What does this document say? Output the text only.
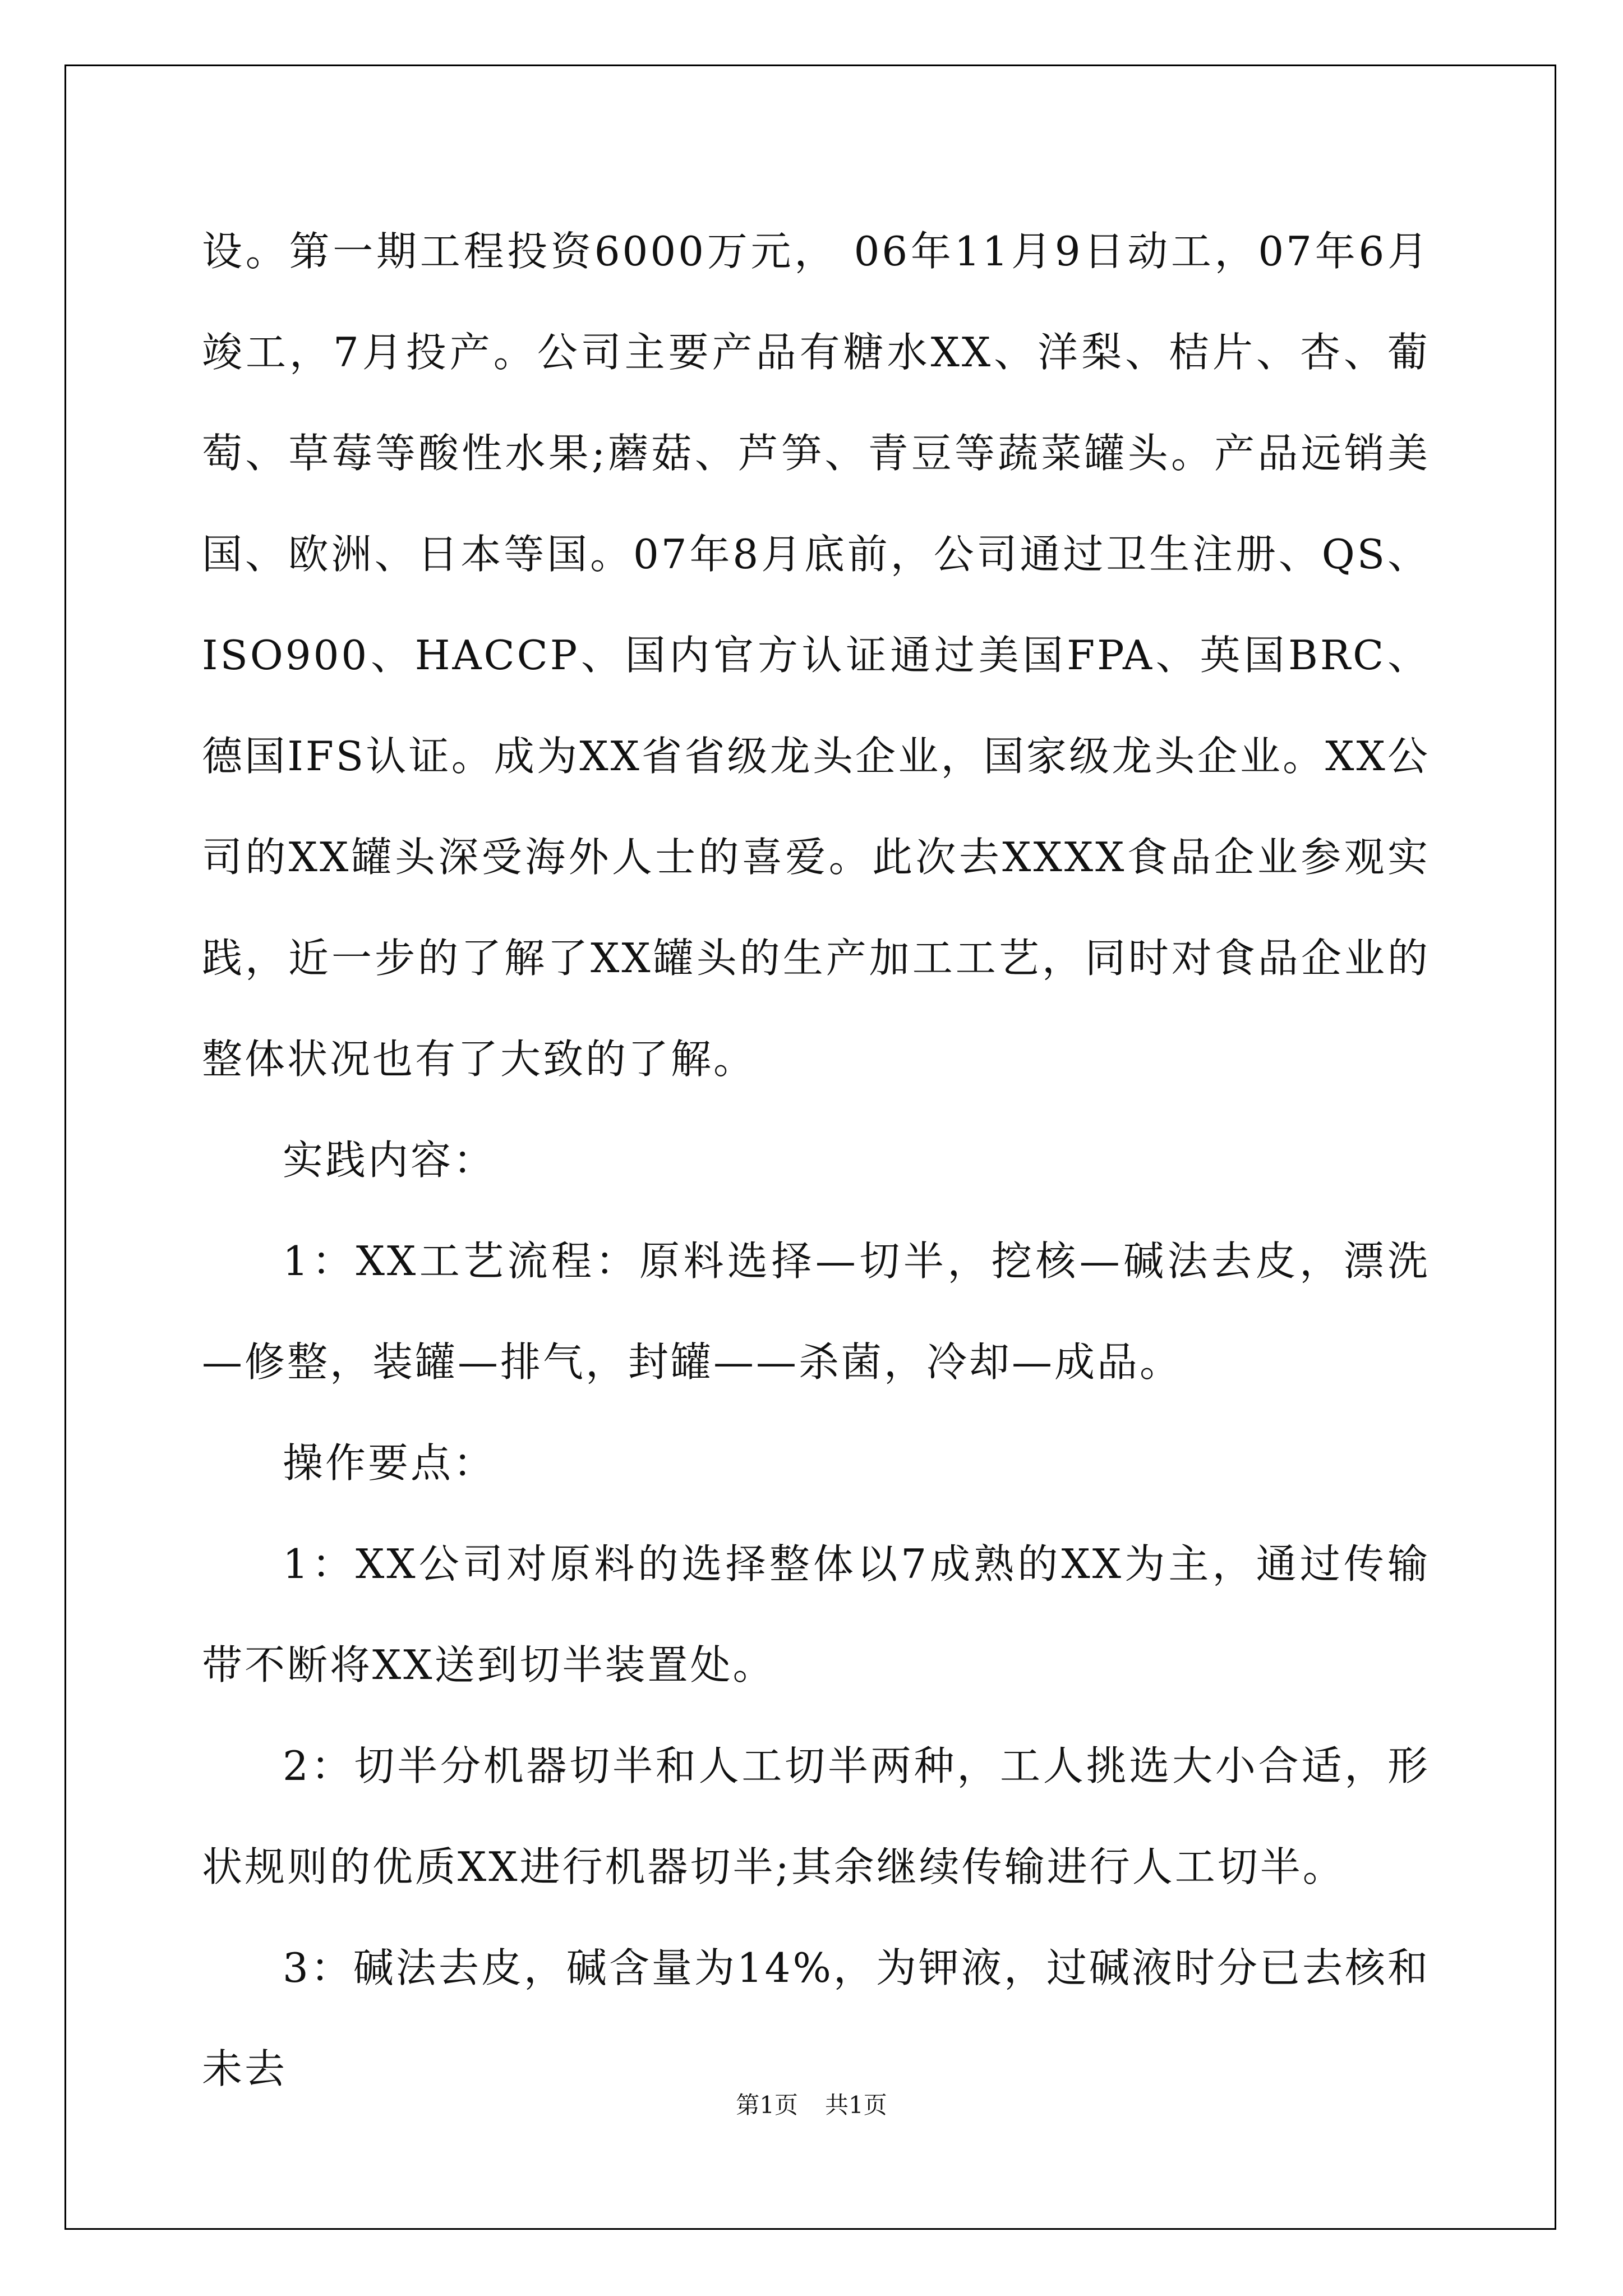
设。第一期工程投资6000万元， 06年11月9日动工，07年6月竣工，7月投产。公司主要产品有糖水XX、洋梨、桔片、杏、葡萄、草莓等酸性水果;蘑菇、芦笋、青豆等蔬菜罐头。产品远销美国、欧洲、日本等国。07年8月底前，公司通过卫生注册、QS、ISO900、HACCP、国内官方认证通过美国FPA、英国BRC、德国IFS认证。成为XX省省级龙头企业，国家级龙头企业。XX公司的XX罐头深受海外人士的喜爱。此次去XXXX食品企业参观实践，近一步的了解了XX罐头的生产加工工艺，同时对食品企业的整体状况也有了大致的了解。

实践内容：

1：XX工艺流程：原料选择—切半，挖核—碱法去皮，漂洗—修整，装罐—排气，封罐——杀菌，冷却—成品。

操作要点：

1：XX公司对原料的选择整体以7成熟的XX为主，通过传输带不断将XX送到切半装置处。

2：切半分机器切半和人工切半两种，工人挑选大小合适，形状规则的优质XX进行机器切半;其余继续传输进行人工切半。

3：碱法去皮，碱含量为14%，为钾液，过碱液时分已去核和未去

第1页 共1页
